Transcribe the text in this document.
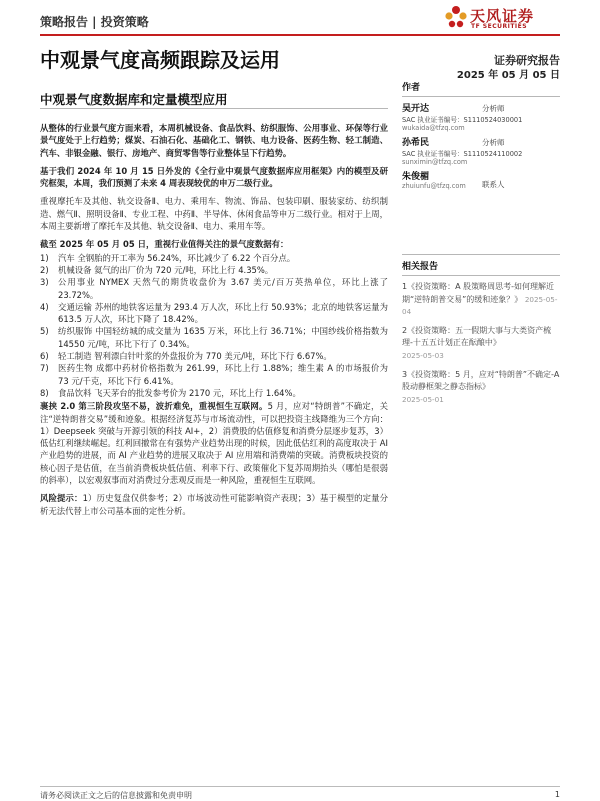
策略报告 | 投资策略	天风证券
TF SECURITIES
中观景气度高频跟踪及运用	证券研究报告
2025 年 05 月 05 日
中观景气度数据库和定量模型应用

从整体的行业景气度方面来看，本周机械设备、食品饮料、纺织服饰、公用事业、环保等行业景气度处于上行趋势；煤炭、石油石化、基础化工、钢铁、电力设备、医药生物、轻工制造、汽车、非银金融、银行、房地产、商贸零售等行业整体呈下行趋势。

基于我们 2024 年 10 月 15 日外发的《全行业中观景气度数据库应用框架》内的模型及研究框架，本周，我们预测了未来 4 周表现较优的申万二级行业。

重视摩托车及其他、轨交设备Ⅱ、电力、乘用车、物流、饰品、包装印刷、服装家纺、纺织制造、燃气Ⅱ、照明设备Ⅱ、专业工程、中药Ⅱ、半导体、休闲食品等申万二级行业。相对于上周，本周主要新增了摩托车及其他、轨交设备Ⅱ、电力、乘用车等。

截至 2025 年 05 月 05 日，重视行业值得关注的景气度数据有：

1)	汽车 全钢胎的开工率为 56.24%，环比减少了 6.22 个百分点。
2)	机械设备 氦气的出厂价为 720 元/吨，环比上行 4.35%。
3)	公用事业 NYMEX 天然气的期货收盘价为 3.67 美元/百万英热单位，环比上涨了 23.72%。
4)	交通运输 苏州的地铁客运量为 293.4 万人次，环比上行 50.93%；北京的地铁客运量为 613.5 万人次，环比下降了 18.42%。
5)	纺织服饰 中国轻纺城的成交量为 1635 万米，环比上行 36.71%；中国纱线价格指数为 14550 元/吨，环比下行了 0.34%。
6)	轻工制造 智利漂白针叶浆的外盘报价为 770 美元/吨，环比下行 6.67%。
7)	医药生物 成都中药材价格指数为 261.99，环比上行 1.88%；维生素 A 的市场报价为 73 元/千克，环比下行 6.41%。
8)	食品饮料 飞天茅台的批发参考价为 2170 元，环比上行 1.64%。

裹挟 2.0 第三阶段攻坚不易，波折难免，重视恒生互联网。5 月，应对“特朗普”不确定，关注“逆特朗普交易”缓和迹象。根据经济复苏与市场流动性，可以把投资主线降维为三个方向：1）Deepseek 突破与开源引领的科技 AI+，2）消费股的估值修复和消费分层逐步复苏，3）低估红利继续崛起。红利回撤常在有强势产业趋势出现的时候，因此低估红利的高度取决于 AI 产业趋势的进展，而 AI 产业趋势的进展又取决于 AI 应用端和消费端的突破。消费板块投资的核心因子是估值，在当前消费板块低估值、利率下行、政策催化下复苏周期抬头（哪怕是很弱的斜率），以宏观叙事而对消费过分悲观反而是一种风险，重视恒生互联网。

风险提示：1）历史复盘仅供参考；2）市场波动性可能影响资产表现；3）基于模型的定量分析无法代替上市公司基本面的定性分析。

作者
吴开达	分析师
SAC 执业证书编号：S1110524030001
wukaida@tfzq.com
孙希民	分析师
SAC 执业证书编号：S1110524110002
sunximin@tfzq.com
朱俊楣
联系人
zhuiunfu@tfzq.com
相关报告
1《投资策略：A 股策略周思考-如何理解近期“逆特朗普交易”的缓和迹象？》 2025-05-04
2《投资策略：五一假期大事与大类资产梳理-十五五计划正在酝酿中》
2025-05-03
3《投资策略：5 月，应对“特朗普”不确定-A 股动静框架之静态指标》
2025-05-01
请务必阅读正文之后的信息披露和免责申明	1
